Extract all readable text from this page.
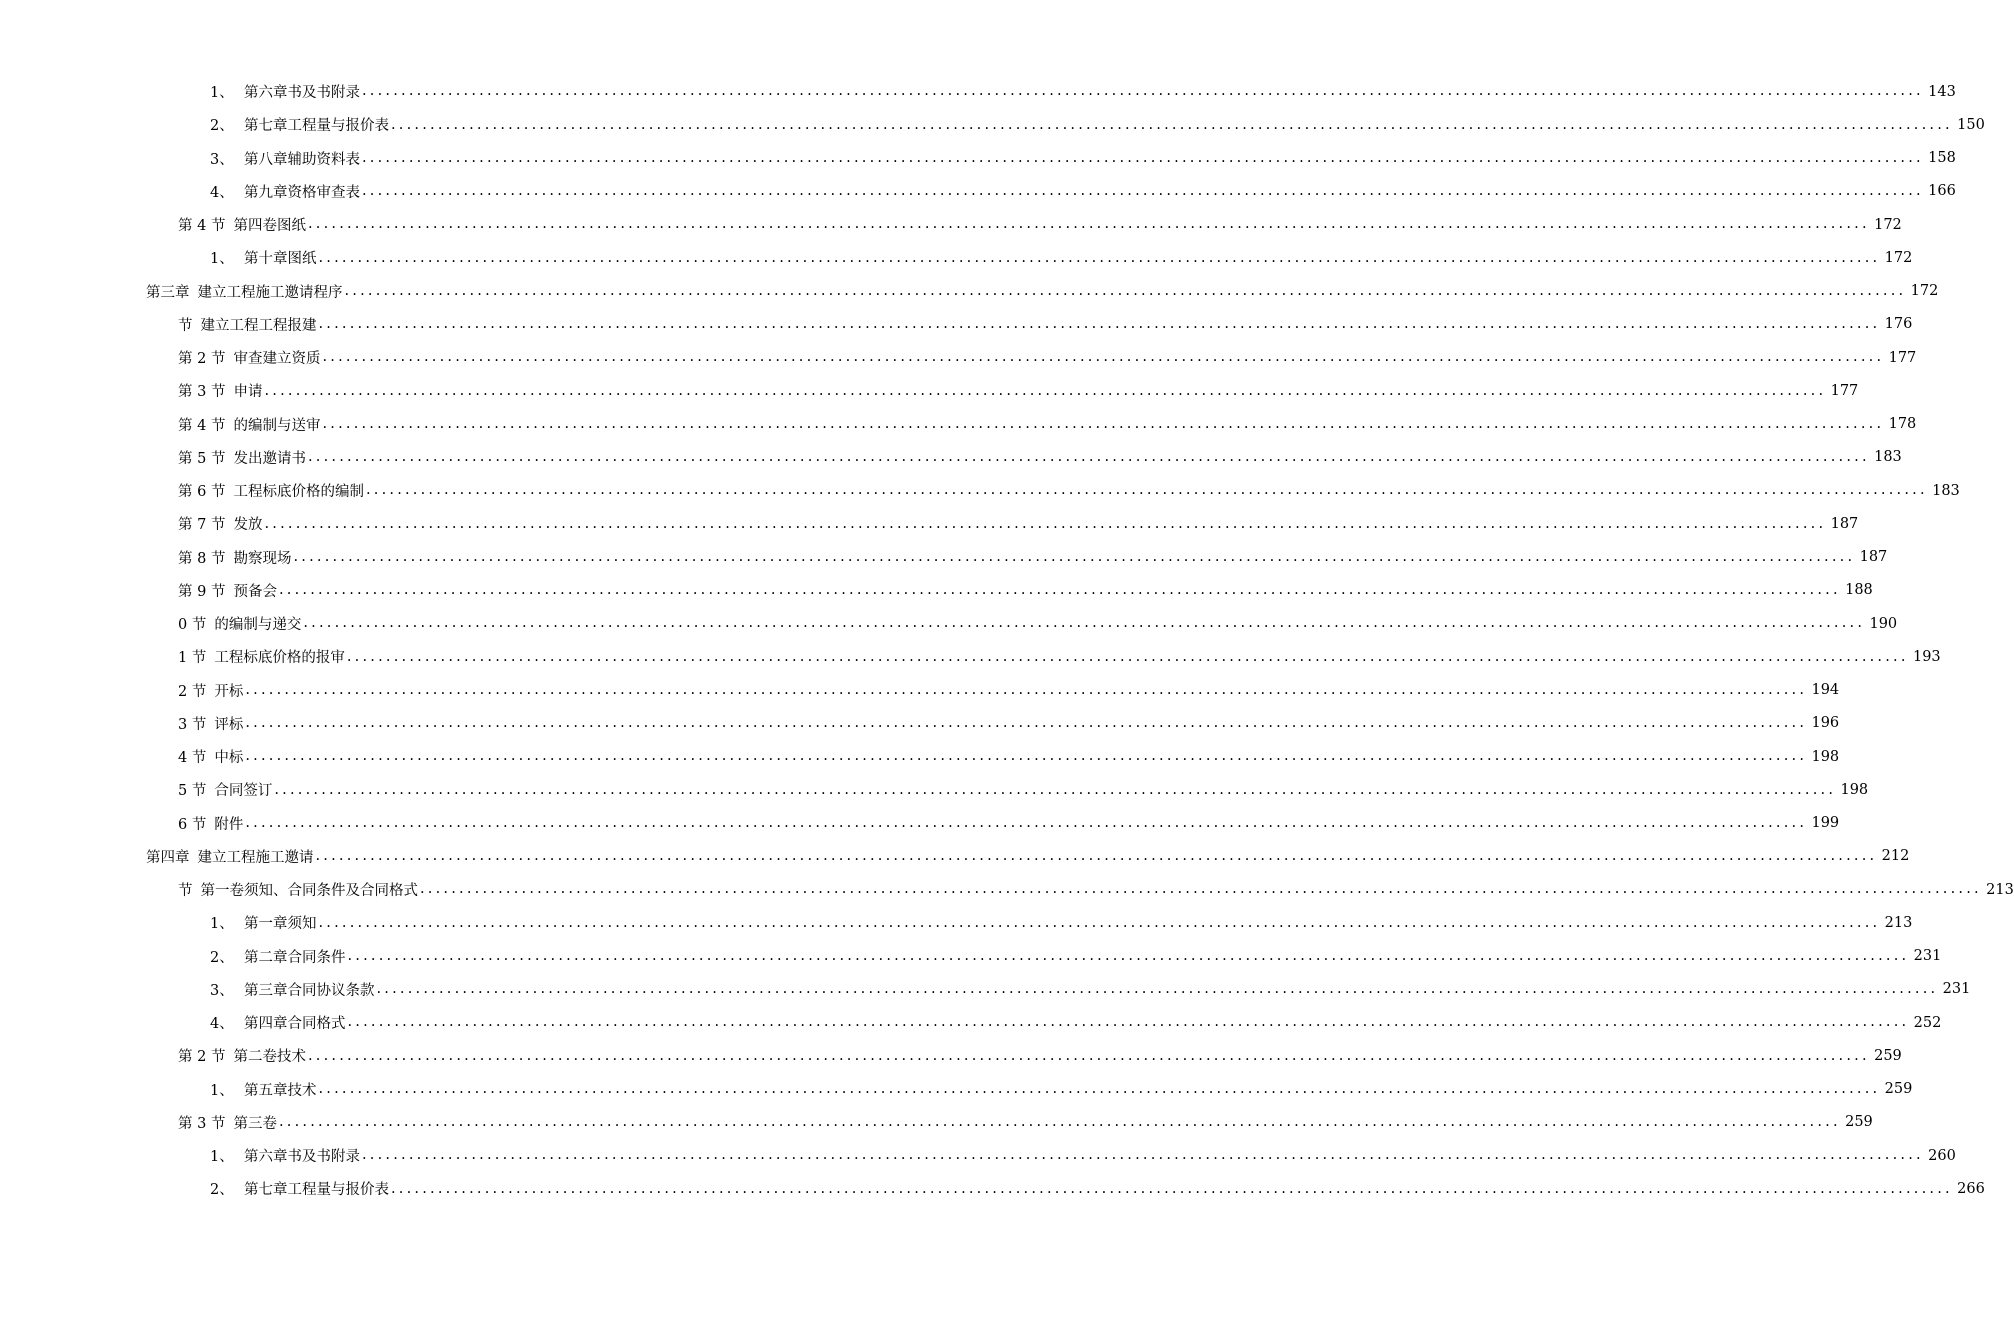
1、 第六章书及书附录 ........................................................................................................................................................................................................ 143
2、 第七章工程量与报价表 ........................................................................................................................................................................................................ 150
3、 第八章辅助资料表 ........................................................................................................................................................................................................ 158
4、 第九章资格审查表 ........................................................................................................................................................................................................ 166
第 4 节 第四卷图纸 ........................................................................................................................................................................................................ 172
1、 第十章图纸 ........................................................................................................................................................................................................ 172
第三章 建立工程施工邀请程序 ........................................................................................................................................................................................................ 172
节 建立工程工程报建 ........................................................................................................................................................................................................ 176
第 2 节 审查建立资质 ........................................................................................................................................................................................................ 177
第 3 节 申请 ........................................................................................................................................................................................................ 177
第 4 节 的编制与送审 ........................................................................................................................................................................................................ 178
第 5 节 发出邀请书 ........................................................................................................................................................................................................ 183
第 6 节 工程标底价格的编制 ........................................................................................................................................................................................................ 183
第 7 节 发放 ........................................................................................................................................................................................................ 187
第 8 节 勘察现场 ........................................................................................................................................................................................................ 187
第 9 节 预备会 ........................................................................................................................................................................................................ 188
0 节 的编制与递交 ........................................................................................................................................................................................................ 190
1 节 工程标底价格的报审 ........................................................................................................................................................................................................ 193
2 节 开标 ........................................................................................................................................................................................................ 194
3 节 评标 ........................................................................................................................................................................................................ 196
4 节 中标 ........................................................................................................................................................................................................ 198
5 节 合同签订 ........................................................................................................................................................................................................ 198
6 节 附件 ........................................................................................................................................................................................................ 199
第四章 建立工程施工邀请 ........................................................................................................................................................................................................ 212
节 第一卷须知、合同条件及合同格式 ........................................................................................................................................................................................................ 213
1、 第一章须知 ........................................................................................................................................................................................................ 213
2、 第二章合同条件 ........................................................................................................................................................................................................ 231
3、 第三章合同协议条款 ........................................................................................................................................................................................................ 231
4、 第四章合同格式 ........................................................................................................................................................................................................ 252
第 2 节 第二卷技术 ........................................................................................................................................................................................................ 259
1、 第五章技术 ........................................................................................................................................................................................................ 259
第 3 节 第三卷 ........................................................................................................................................................................................................ 259
1、 第六章书及书附录 ........................................................................................................................................................................................................ 260
2、 第七章工程量与报价表 ........................................................................................................................................................................................................ 266
